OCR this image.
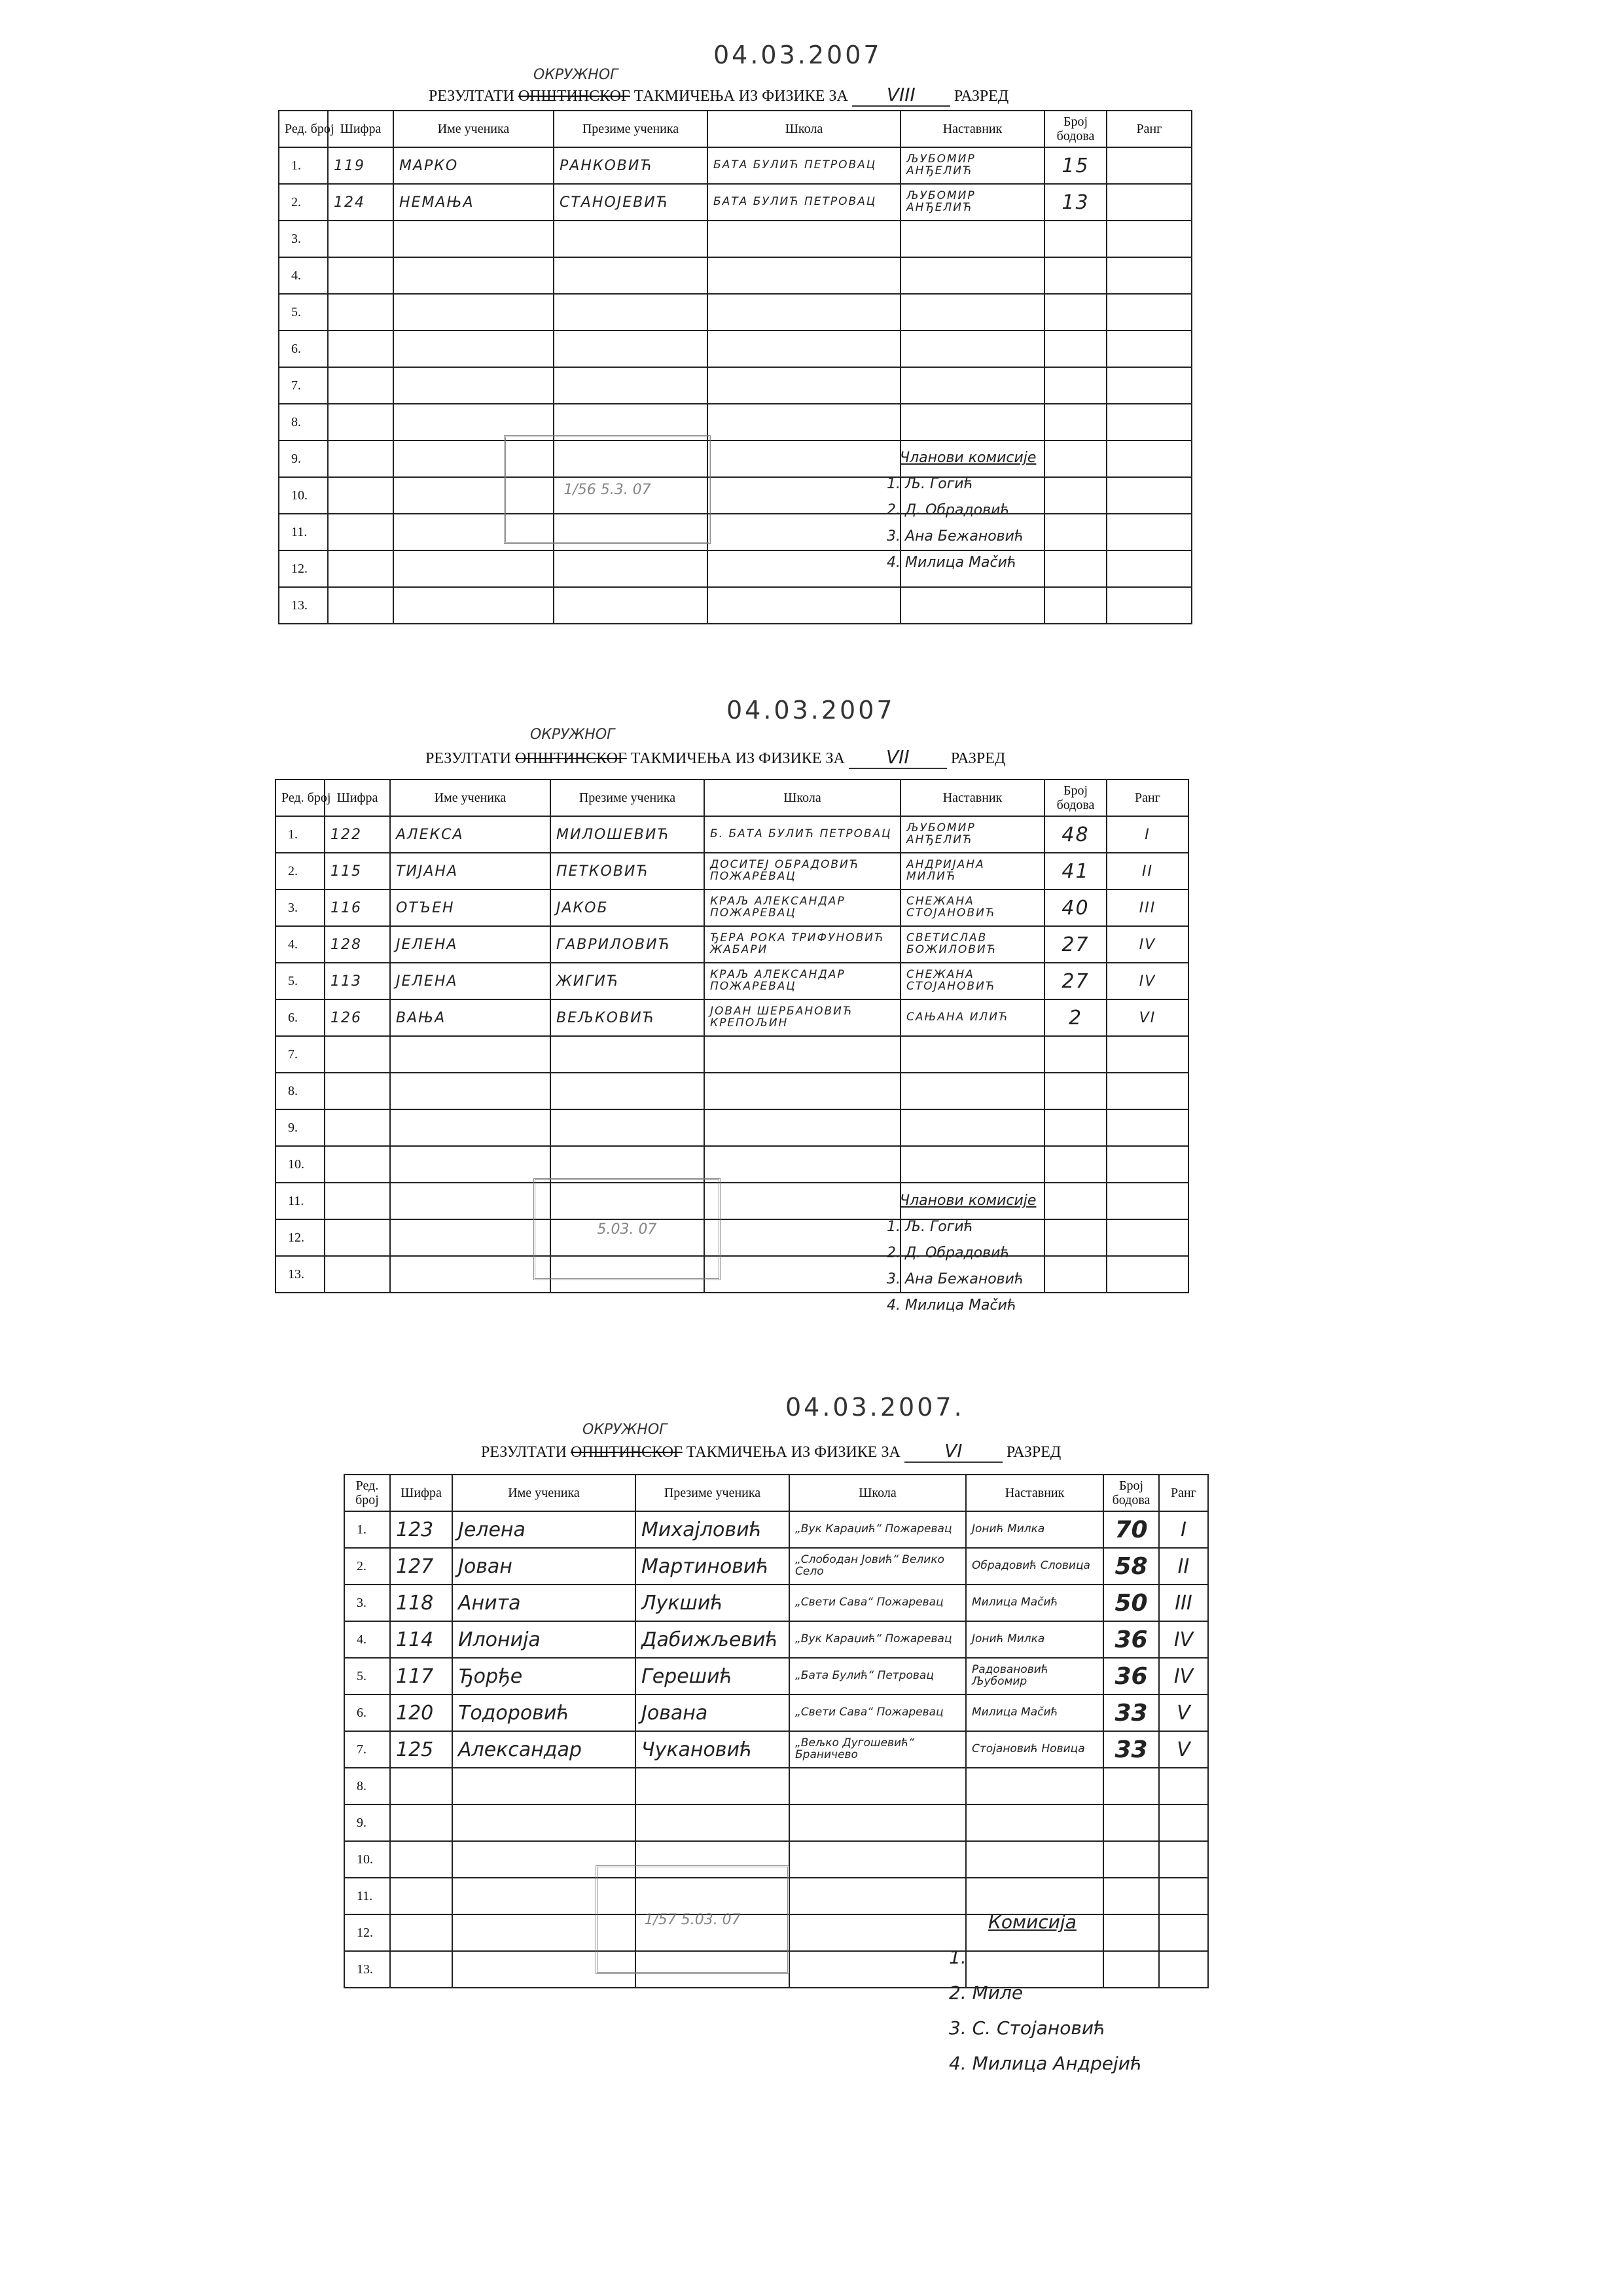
04.03.2007
ОКРУЖНОГ
РЕЗУЛТАТИ ОПШТИНСКОГ ТАКМИЧЕЊА ИЗ ФИЗИКЕ ЗА VIII РАЗРЕД
Ред. број	Шифра	Име ученика	Презиме ученика	Школа	Наставник	Број бодова	Ранг
1.	119	МАРКО	РАНКОВИЋ	БАТА БУЛИЋ ПЕТРОВАЦ	ЉУБОМИР АНЂЕЛИЋ	15	
2.	124	НЕМАЊА	СТАНОЈЕВИЋ	БАТА БУЛИЋ ПЕТРОВАЦ	ЉУБОМИР АНЂЕЛИЋ	13	
3.							
4.							
5.							
6.							
7.							
8.							
9.							
10.							
11.							
12.							
13.							
1/56 5.3. 07
Чланови комисије
1. Љ. Гогић
2. Д. Обрадовић
3. Ана Бежановић
4. Милица Маčић
04.03.2007
ОКРУЖНОГ
РЕЗУЛТАТИ ОПШТИНСКОГ ТАКМИЧЕЊА ИЗ ФИЗИКЕ ЗА VII	РАЗРЕД
Ред. број	Шифра	Име ученика	Презиме ученика	Школа	Наставник	Број бодова	Ранг
1.	122	АЛЕКСА	МИЛОШЕВИЋ	Б. БАТА БУЛИЋ ПЕТРОВАЦ	ЉУБОМИР АНЂЕЛИЋ	48	I
2.	115	ТИЈАНА	ПЕТКОВИЋ	ДОСИТЕЈ ОБРАДОВИЋ ПОЖАРЕВАЦ	АНДРИЈАНА МИЛИЋ	41	II
3.	116	ОТЪЕН	ЈАКОБ	КРАЉ АЛЕКСАНДАР ПОЖАРЕВАЦ	СНЕЖАНА СТОЈАНОВИЋ	40	III
4.	128	ЈЕЛЕНА	ГАВРИЛОВИЋ	ЂЕРА РОКА ТРИФУНОВИЋ ЖАБАРИ	СВЕТИСЛАВ БОЖИЛОВИЋ	27	IV
5.	113	ЈЕЛЕНА	ЖИГИЋ	КРАЉ АЛЕКСАНДАР ПОЖАРЕВАЦ	СНЕЖАНА СТОЈАНОВИЋ	27	IV
6.	126	ВАЊА	ВЕЉКОВИЋ	ЈОВАН ШЕРБАНОВИЋ КРЕПОЉИН	САЊАНА ИЛИЋ	2	VI
7.							
8.							
9.							
10.							
11.							
12.							
13.							
5.03. 07
Чланови комисије
1. Љ. Гогић
2. Д. Обрадовић
3. Ана Бежановић
4. Милица Маčић
04.03.2007.
ОКРУЖНОГ
РЕЗУЛТАТИ ОПШТИНСКОГ ТАКМИЧЕЊА ИЗ ФИЗИКЕ ЗА VI	РАЗРЕД
Ред. број	Шифра	Име ученика	Презиме ученика	Школа	Наставник	Број бодова	Ранг
1.	123	Јелена	Михајловић	„Вук Караџић“ Пожаревац	Јонић Милка	70	I
2.	127	Јован	Мартиновић	„Слободан Јовић“ Велико Село	Обрадовић Словица	58	II
3.	118	Анита	Лукшић	„Свети Сава“ Пожаревац	Милица Маčић	50	III
4.	114	Илонија	Дабижљевић	„Вук Караџић“ Пожаревац	Јонић Милка	36	IV
5.	117	Ђорђе	Герешић	„Бата Булић“ Петровац	Радовановић Љубомир	36	IV
6.	120	Тодоровић	Јована	„Свети Сава“ Пожаревац	Милица Маčић	33	V
7.	125	Александар	Чукановић	„Вељко Дугошевић“ Браничево	Стојановић Новица	33	V
8.							
9.							
10.							
11.							
12.							
13.							
1/57 5.03. 07	Комисија
1.
2. Миле
3. С. Стојановић
4. Милица Андрејић
